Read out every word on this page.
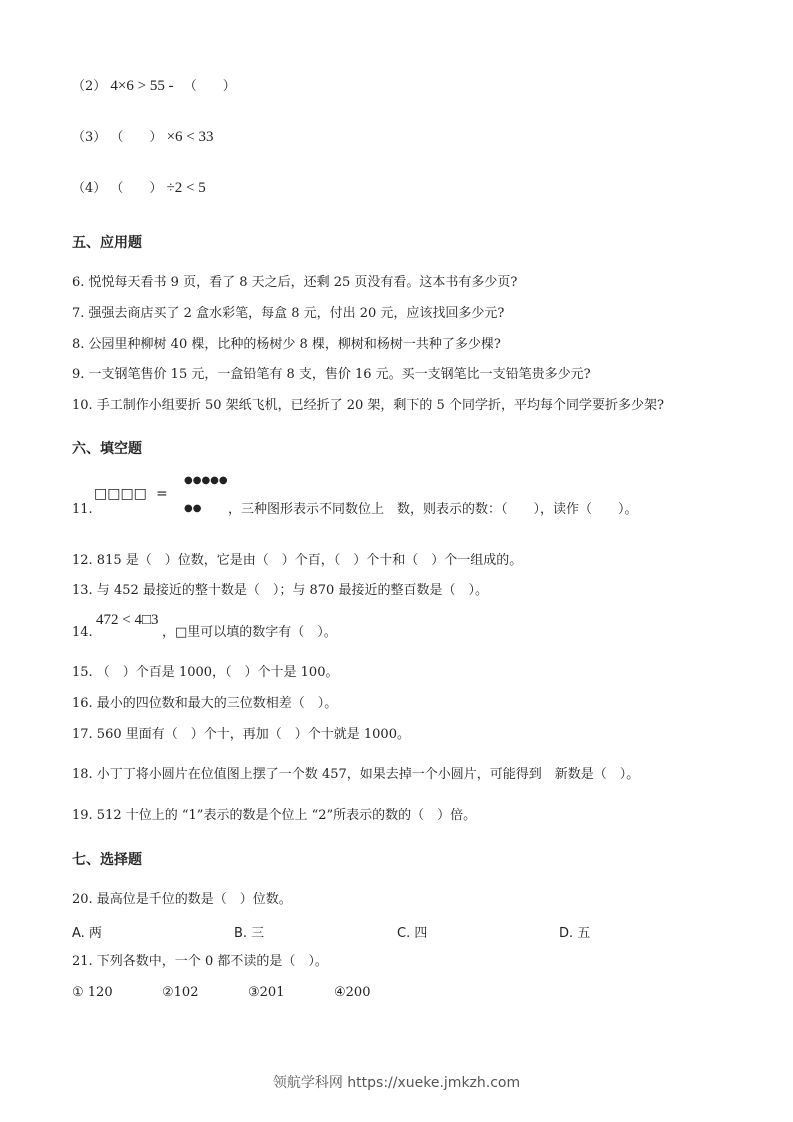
（2） 4×6 > 55 - （　　）
（3） （　　） ×6 < 33
（4） （　　） ÷2 < 5
五、应用题
6. 悦悦每天看书 9 页，看了 8 天之后，还剩 25 页没有看。这本书有多少页?
7. 强强去商店买了 2 盒水彩笔，每盒 8 元，付出 20 元，应该找回多少元?
8. 公园里种柳树 40 棵，比种的杨树少 8 棵，柳树和杨树一共种了多少棵?
9. 一支钢笔售价 15 元，一盒铅笔有 8 支，售价 16 元。买一支钢笔比一支铅笔贵多少元?
10. 手工制作小组要折 50 架纸飞机，已经折了 20 架，剩下的 5 个同学折，平均每个同学要折多少架?
六、填空题
11.
□□□□ =
●●●●●
●● ，三种图形表示不同数位上　数，则表示的数：（　　），读作（　　）。
12. 815 是（　）位数，它是由（　）个百，（　）个十和（　）个一组成的。
13. 与 452 最接近的整十数是（　）；与 870 最接近的整百数是（　）。
14.
472 < 4□3
，□里可以填的数字有（　）。
15. （　）个百是 1000，（　）个十是 100。
16. 最小的四位数和最大的三位数相差（　）。
17. 560 里面有（　）个十，再加（　）个十就是 1000。
18. 小丁丁将小圆片在位值图上摆了一个数 457，如果去掉一个小圆片，可能得到　新数是（　）。
19. 512 十位上的 “1”表示的数是个位上 “2”所表示的数的（　）倍。
七、选择题
20. 最高位是千位的数是（　）位数。
A. 两	B. 三	C. 四	D. 五
21. 下列各数中，一个 0 都不读的是（　）。
① 120	②102	③201	④200
领航学科网 https://xueke.jmkzh.com
